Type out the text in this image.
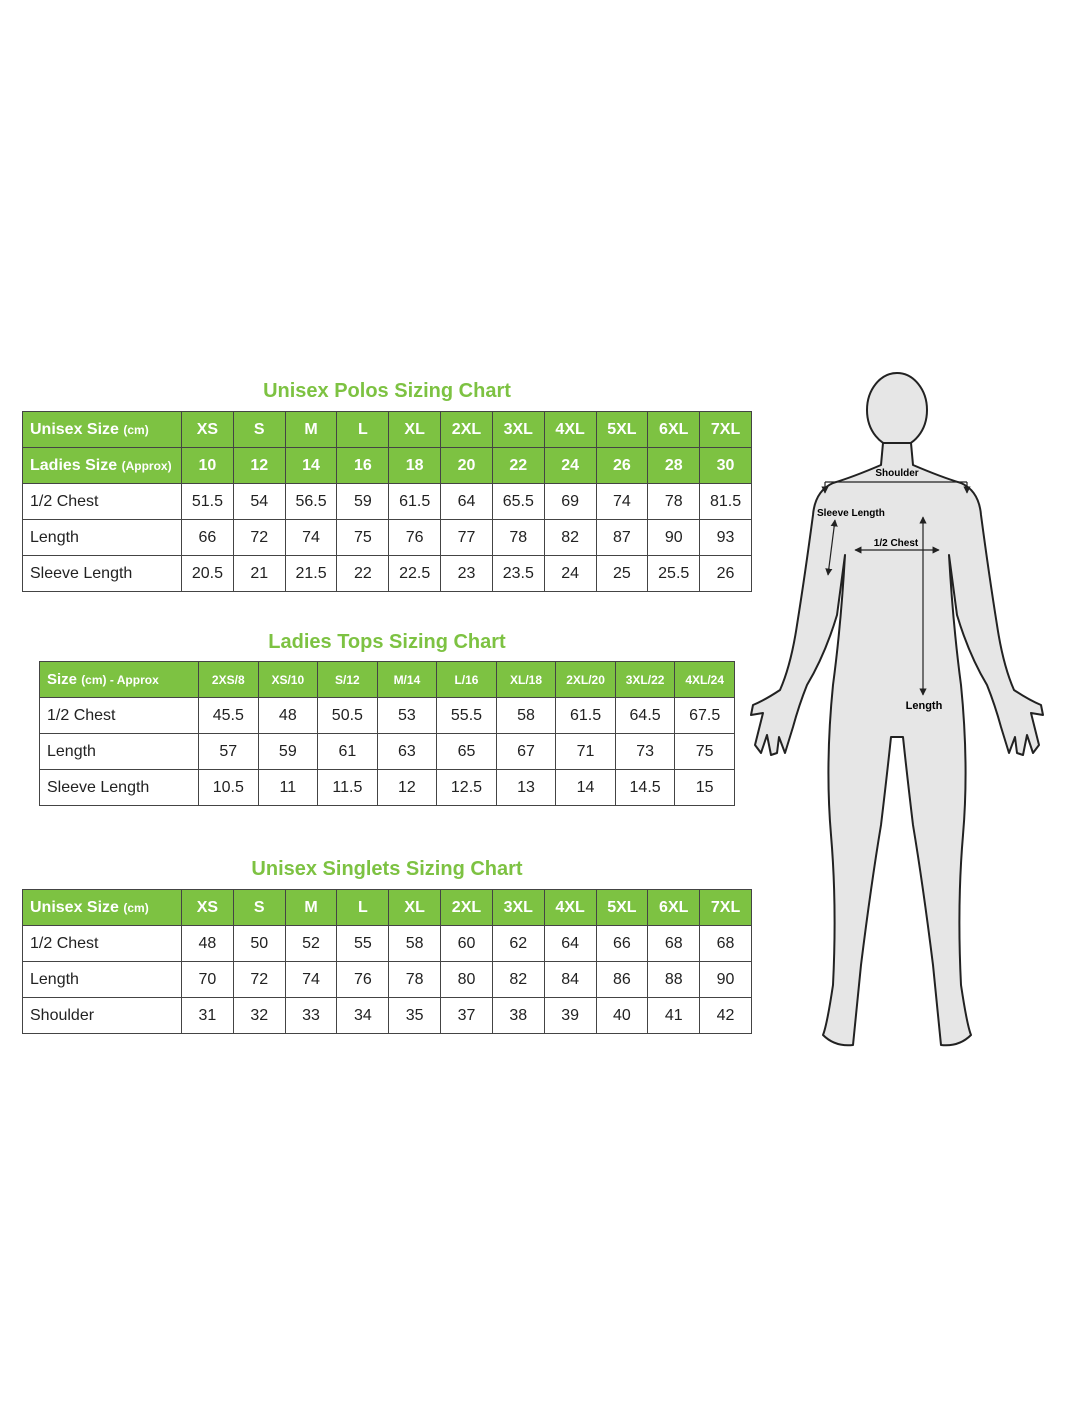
Unisex Polos Sizing Chart
Unisex Size (cm)	XS	S	M	L	XL	2XL	3XL	4XL	5XL	6XL	7XL
Ladies Size (Approx)	10	12	14	16	18	20	22	24	26	28	30
1/2 Chest	51.5	54	56.5	59	61.5	64	65.5	69	74	78	81.5
Length	66	72	74	75	76	77	78	82	87	90	93
Sleeve Length	20.5	21	21.5	22	22.5	23	23.5	24	25	25.5	26
Ladies Tops Sizing Chart
Size (cm) - Approx	2XS/8	XS/10	S/12	M/14	L/16	XL/18	2XL/20	3XL/22	4XL/24
1/2 Chest	45.5	48	50.5	53	55.5	58	61.5	64.5	67.5
Length	57	59	61	63	65	67	71	73	75
Sleeve Length	10.5	11	11.5	12	12.5	13	14	14.5	15
Unisex Singlets Sizing Chart
Unisex Size (cm)	XS	S	M	L	XL	2XL	3XL	4XL	5XL	6XL	7XL
1/2 Chest	48	50	52	55	58	60	62	64	66	68	68
Length	70	72	74	76	78	80	82	84	86	88	90
Shoulder	31	32	33	34	35	37	38	39	40	41	42
Shoulder
Sleeve Length
1/2 Chest
Length
